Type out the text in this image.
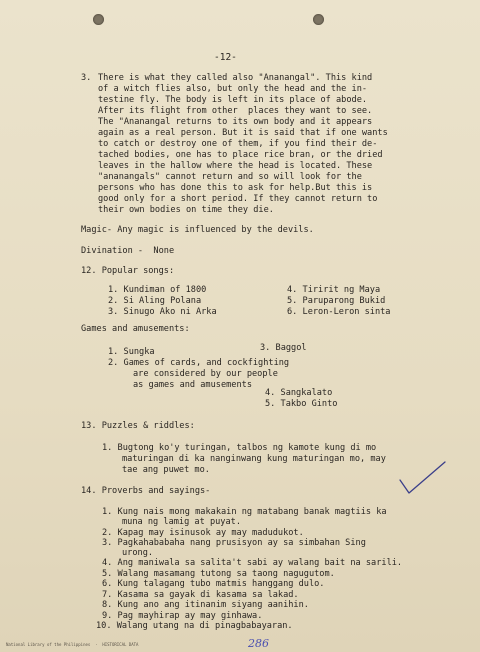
-12-
3. There is what they called also "Ananangal". This kind
of a witch flies also, but only the head and the in-
testine fly. The body is left in its place of abode.
After its flight from other  places they want to see.
The "Ananangal returns to its own body and it appears
again as a real person. But it is said that if one wants
to catch or destroy one of them, if you find their de-
tached bodies, one has to place rice bran, or the dried
leaves in the hallow where the head is located. These
"ananangals" cannot return and so will look for the
persons who has done this to ask for help.But this is
good only for a short period. If they cannot return to
their own bodies on time they die.
Magic- Any magic is influenced by the devils.
Divination -  None
12. Popular songs:
1. Kundiman of 1800
2. Si Aling Polana
3. Sinugo Ako ni Arka
4. Tiririt ng Maya
5. Paruparong Bukid
6. Leron-Leron sinta
Games and amusements:
1. Sungka	3. Baggol
2. Games of cards, and cockfighting
are considered by our people
as games and amusements
4. Sangkalato
5. Takbo Ginto
13. Puzzles & riddles:
1. Bugtong ko'y turingan, talbos ng kamote kung di mo
maturingan di ka nanginwang kung maturingan mo, may
tae ang puwet mo.
14. Proverbs and sayings-
1. Kung nais mong makakain ng matabang banak magtiis ka
muna ng lamig at puyat.
2. Kapag may isinusok ay may madudukot.
3. Pagkahababaha nang prusisyon ay sa simbahan Sing
urong.
4. Ang maniwala sa salita't sabi ay walang bait na sarili.
5. Walang masamang tutong sa taong nagugutom.
6. Kung talagang tubo matmis hanggang dulo.
7. Kasama sa gayak di kasama sa lakad.
8. Kung ano ang itinanim siyang aanihin.
9. Pag mayhirap ay may ginhawa.
10. Walang utang na di pinagbabayaran.
286
National Library of the Philippines  ·  HISTORICAL DATA
